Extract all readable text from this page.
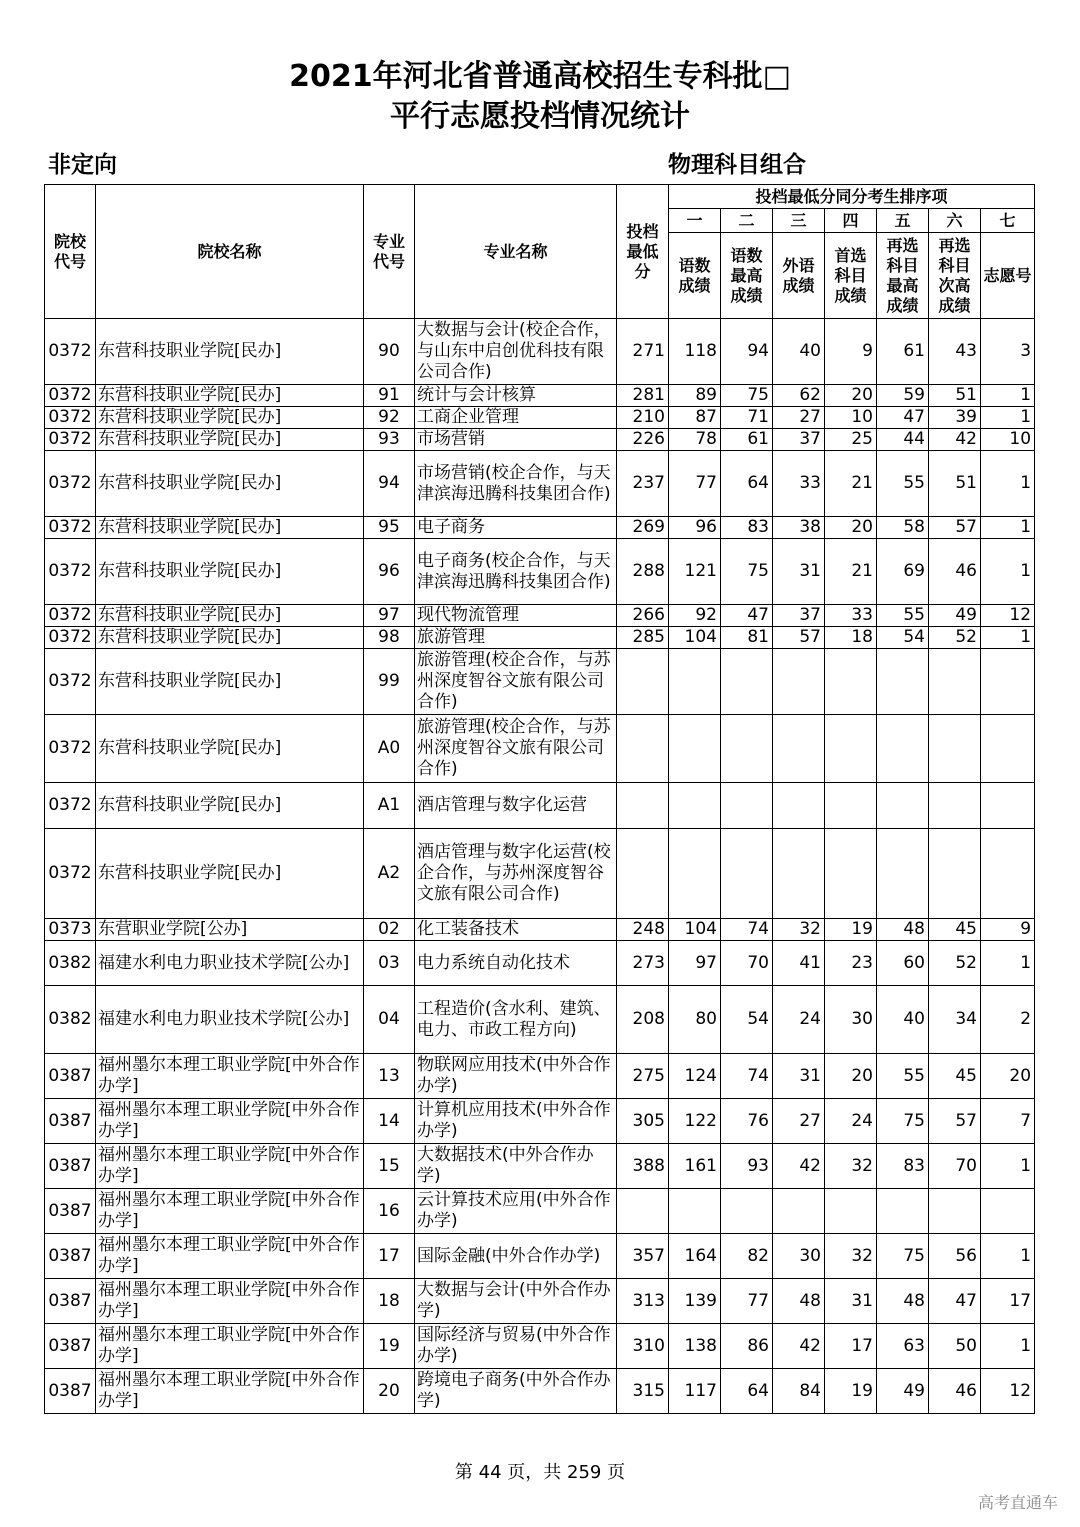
2021年河北省普通高校招生专科批□
平行志愿投档情况统计
非定向	物理科目组合
院校代号	院校名称	专业代号	专业名称	投档最低分	投档最低分同分考生排序项						
					一	二	三	四	五	六	七
					语数成绩	语数最高成绩	外语成绩	首选科目成绩	再选科目最高成绩	再选科目次高成绩	志愿号
0372	东营科技职业学院[民办]	90	大数据与会计(校企合作，与山东中启创优科技有限公司合作)	271	118	94	40	9	61	43	3
0372	东营科技职业学院[民办]	91	统计与会计核算	281	89	75	62	20	59	51	1
0372	东营科技职业学院[民办]	92	工商企业管理	210	87	71	27	10	47	39	1
0372	东营科技职业学院[民办]	93	市场营销	226	78	61	37	25	44	42	10
0372	东营科技职业学院[民办]	94	市场营销(校企合作，与天津滨海迅腾科技集团合作)	237	77	64	33	21	55	51	1
0372	东营科技职业学院[民办]	95	电子商务	269	96	83	38	20	58	57	1
0372	东营科技职业学院[民办]	96	电子商务(校企合作，与天津滨海迅腾科技集团合作)	288	121	75	31	21	69	46	1
0372	东营科技职业学院[民办]	97	现代物流管理	266	92	47	37	33	55	49	12
0372	东营科技职业学院[民办]	98	旅游管理	285	104	81	57	18	54	52	1
0372	东营科技职业学院[民办]	99	旅游管理(校企合作，与苏州深度智谷文旅有限公司合作)								
0372	东营科技职业学院[民办]	A0	旅游管理(校企合作，与苏州深度智谷文旅有限公司合作)								
0372	东营科技职业学院[民办]	A1	酒店管理与数字化运营								
0372	东营科技职业学院[民办]	A2	酒店管理与数字化运营(校企合作，与苏州深度智谷文旅有限公司合作)								
0373	东营职业学院[公办]	02	化工装备技术	248	104	74	32	19	48	45	9
0382	福建水利电力职业技术学院[公办]	03	电力系统自动化技术	273	97	70	41	23	60	52	1
0382	福建水利电力职业技术学院[公办]	04	工程造价(含水利、建筑、电力、市政工程方向)	208	80	54	24	30	40	34	2
0387	福州墨尔本理工职业学院[中外合作办学]	13	物联网应用技术(中外合作办学)	275	124	74	31	20	55	45	20
0387	福州墨尔本理工职业学院[中外合作办学]	14	计算机应用技术(中外合作办学)	305	122	76	27	24	75	57	7
0387	福州墨尔本理工职业学院[中外合作办学]	15	大数据技术(中外合作办学)	388	161	93	42	32	83	70	1
0387	福州墨尔本理工职业学院[中外合作办学]	16	云计算技术应用(中外合作办学)								
0387	福州墨尔本理工职业学院[中外合作办学]	17	国际金融(中外合作办学)	357	164	82	30	32	75	56	1
0387	福州墨尔本理工职业学院[中外合作办学]	18	大数据与会计(中外合作办学)	313	139	77	48	31	48	47	17
0387	福州墨尔本理工职业学院[中外合作办学]	19	国际经济与贸易(中外合作办学)	310	138	86	42	17	63	50	1
0387	福州墨尔本理工职业学院[中外合作办学]	20	跨境电子商务(中外合作办学)	315	117	64	84	19	49	46	12
第 44 页，共 259 页
高考直通车
